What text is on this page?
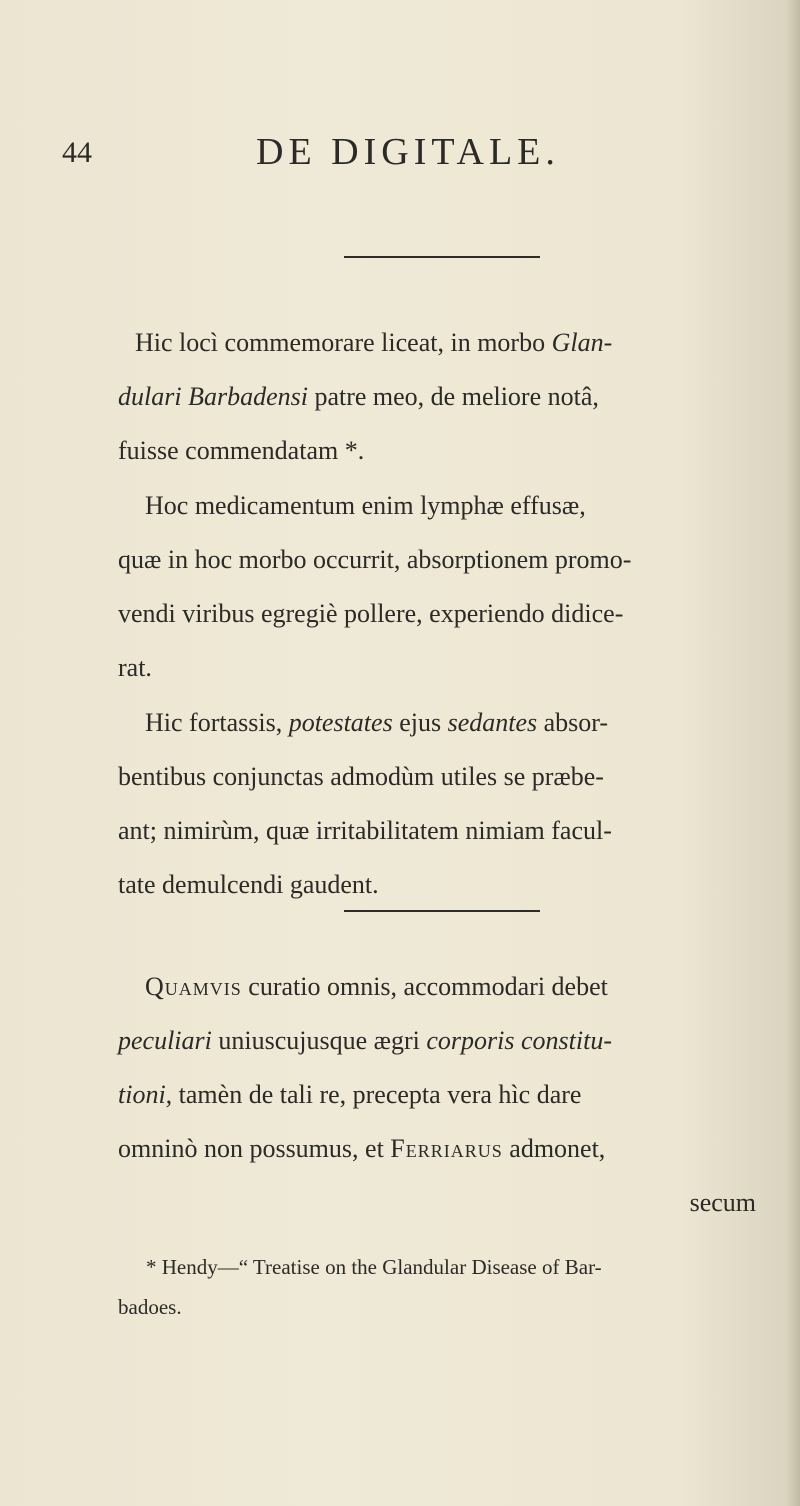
44	DE DIGITALE.
Hic locì commemorare liceat, in morbo Glan-
dulari Barbadensi patre meo, de meliore notâ,
fuisse commendatam *.
Hoc medicamentum enim lymphæ effusæ,
quæ in hoc morbo occurrit, absorptionem promo-
vendi viribus egregiè pollere, experiendo didice-
rat.
Hic fortassis, potestates ejus sedantes absor-
bentibus conjunctas admodùm utiles se præbe-
ant; nimirùm, quæ irritabilitatem nimiam facul-
tate demulcendi gaudent.
Quamvis curatio omnis, accommodari debet
peculiari uniuscujusque ægri corporis constitu-
tioni, tamèn de tali re, precepta vera hìc dare
omninò non possumus, et Ferriarus admonet,
secum
* Hendy—“ Treatise on the Glandular Disease of Bar-
badoes.
